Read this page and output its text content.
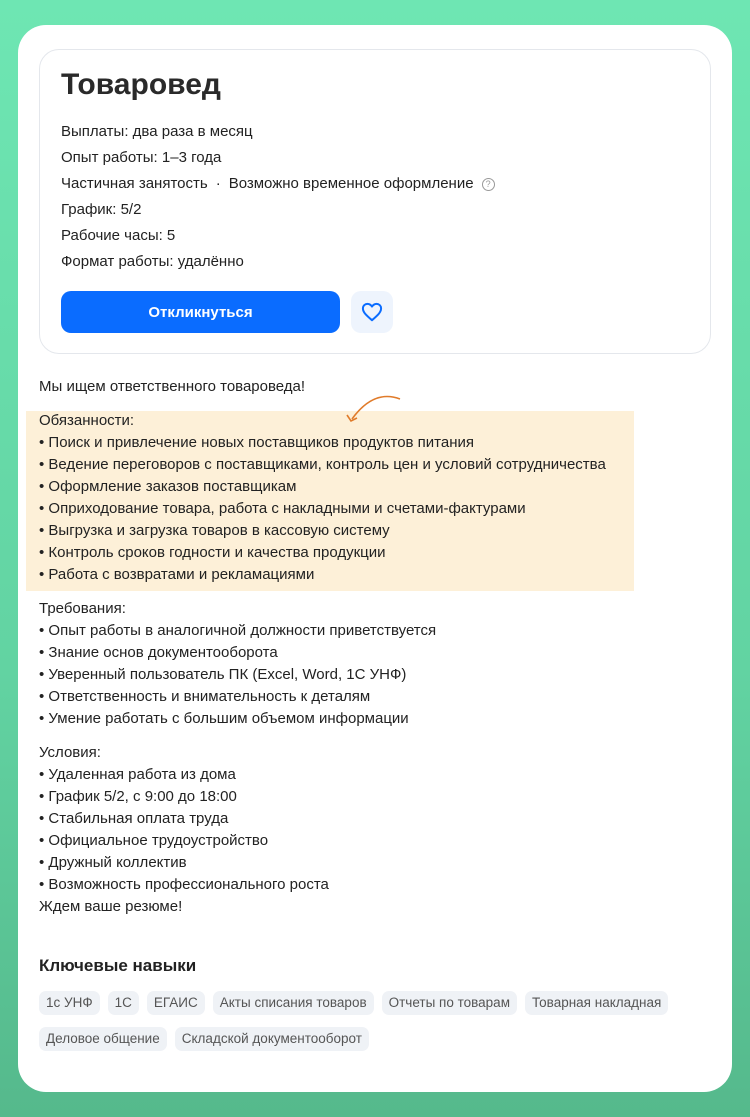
Товаровед
Выплаты: два раза в месяц
Опыт работы: 1–3 года
Частичная занятость · Возможно временное оформление	?
График: 5/2
Рабочие часы: 5
Формат работы: удалённо
Откликнуться

Мы ищем ответственного товароведа!

Обязанности:

• Поиск и привлечение новых поставщиков продуктов питания

• Ведение переговоров с поставщиками, контроль цен и условий сотрудничества

• Оформление заказов поставщикам

• Оприходование товара, работа с накладными и счетами-фактурами

• Выгрузка и загрузка товаров в кассовую систему

• Контроль сроков годности и качества продукции

• Работа с возвратами и рекламациями

Требования:

• Опыт работы в аналогичной должности приветствуется

• Знание основ документооборота

• Уверенный пользователь ПК (Excel, Word, 1С УНФ)

• Ответственность и внимательность к деталям

• Умение работать с большим объемом информации

Условия:

• Удаленная работа из дома

• График 5/2, с 9:00 до 18:00

• Стабильная оплата труда

• Официальное трудоустройство

• Дружный коллектив

• Возможность профессионального роста

Ждем ваше резюме!

Ключевые навыки
1с УНФ	1С	ЕГАИС	Акты списания товаров	Отчеты по товарам	Товарная накладная
Деловое общение	Складской документооборот
